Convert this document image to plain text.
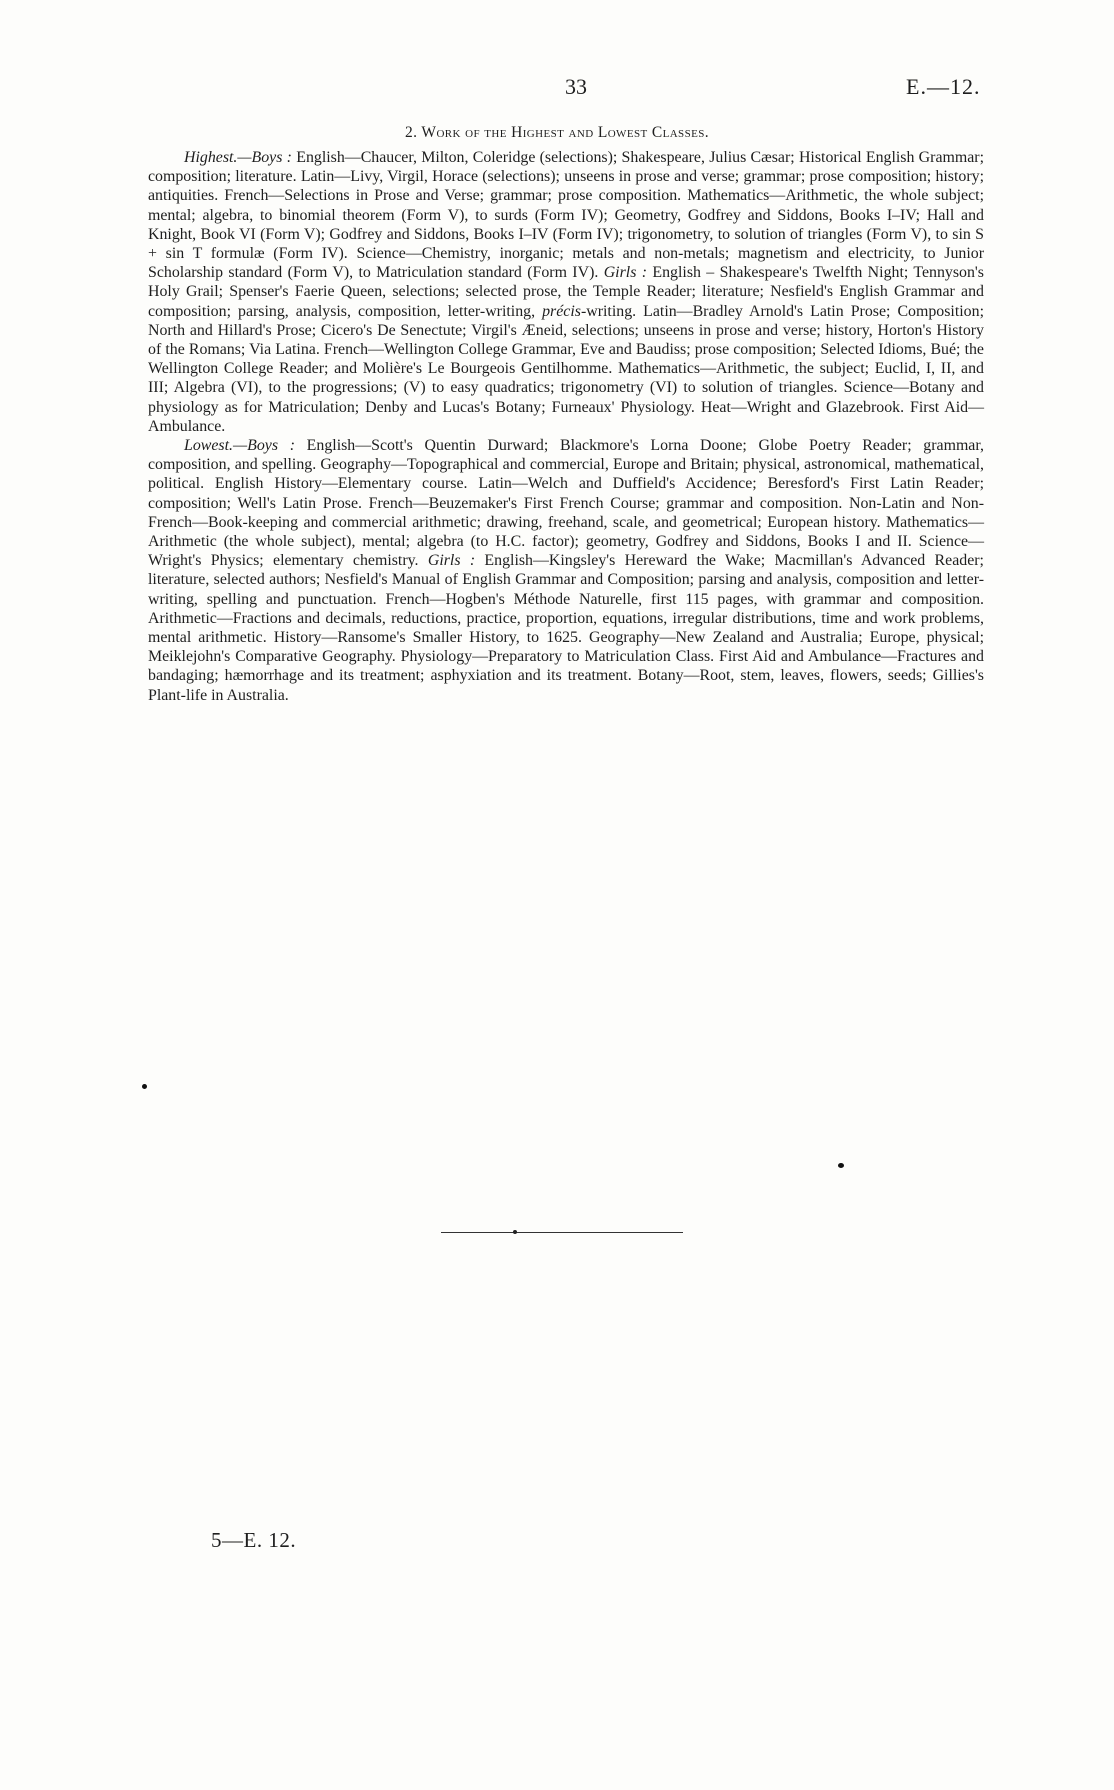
33	E.—12.
2. Work of the Highest and Lowest Classes.

Highest.—Boys : English—Chaucer, Milton, Coleridge (selections); Shakespeare, Julius Cæsar; Historical English Grammar; composition; literature. Latin—Livy, Virgil, Horace (selections); unseens in prose and verse; grammar; prose composition; history; antiquities. French—Selections in Prose and Verse; grammar; prose composition. Mathematics—Arithmetic, the whole subject; mental; algebra, to binomial theorem (Form V), to surds (Form IV); Geometry, Godfrey and Siddons, Books I–IV; Hall and Knight, Book VI (Form V); Godfrey and Siddons, Books I–IV (Form IV); trigonometry, to solution of triangles (Form V), to sin S + sin T formulæ (Form IV). Science—Chemistry, inorganic; metals and non-metals; magnetism and electricity, to Junior Scholarship standard (Form V), to Matriculation standard (Form IV). Girls : English – Shakespeare's Twelfth Night; Tennyson's Holy Grail; Spenser's Faerie Queen, selections; selected prose, the Temple Reader; literature; Nesfield's English Grammar and composition; parsing, analysis, composition, letter-writing, précis-writing. Latin—Bradley Arnold's Latin Prose; Composition; North and Hillard's Prose; Cicero's De Senectute; Virgil's Æneid, selections; unseens in prose and verse; history, Horton's History of the Romans; Via Latina. French—Wellington College Grammar, Eve and Baudiss; prose composition; Selected Idioms, Bué; the Wellington College Reader; and Molière's Le Bourgeois Gentilhomme. Mathematics—Arithmetic, the subject; Euclid, I, II, and III; Algebra (VI), to the progressions; (V) to easy quadratics; trigonometry (VI) to solution of triangles. Science—Botany and physiology as for Matriculation; Denby and Lucas's Botany; Furneaux' Physiology. Heat—Wright and Glazebrook. First Aid—Ambulance.

Lowest.—Boys : English—Scott's Quentin Durward; Blackmore's Lorna Doone; Globe Poetry Reader; grammar, composition, and spelling. Geography—Topographical and commercial, Europe and Britain; physical, astronomical, mathematical, political. English History—Elementary course. Latin—Welch and Duffield's Accidence; Beresford's First Latin Reader; composition; Well's Latin Prose. French—Beuzemaker's First French Course; grammar and composition. Non-Latin and Non-French—Book-keeping and commercial arithmetic; drawing, freehand, scale, and geometrical; European history. Mathematics—Arithmetic (the whole subject), mental; algebra (to H.C. factor); geometry, Godfrey and Siddons, Books I and II. Science—Wright's Physics; elementary chemistry. Girls : English—Kingsley's Hereward the Wake; Macmillan's Advanced Reader; literature, selected authors; Nesfield's Manual of English Grammar and Composition; parsing and analysis, composition and letter-writing, spelling and punctuation. French—Hogben's Méthode Naturelle, first 115 pages, with grammar and composition. Arithmetic—Fractions and decimals, reductions, practice, proportion, equations, irregular distributions, time and work problems, mental arithmetic. History—Ransome's Smaller History, to 1625. Geography—New Zealand and Australia; Europe, physical; Meiklejohn's Comparative Geography. Physiology—Preparatory to Matriculation Class. First Aid and Ambulance—Fractures and bandaging; hæmorrhage and its treatment; asphyxiation and its treatment. Botany—Root, stem, leaves, flowers, seeds; Gillies's Plant-life in Australia.

5—E. 12.
